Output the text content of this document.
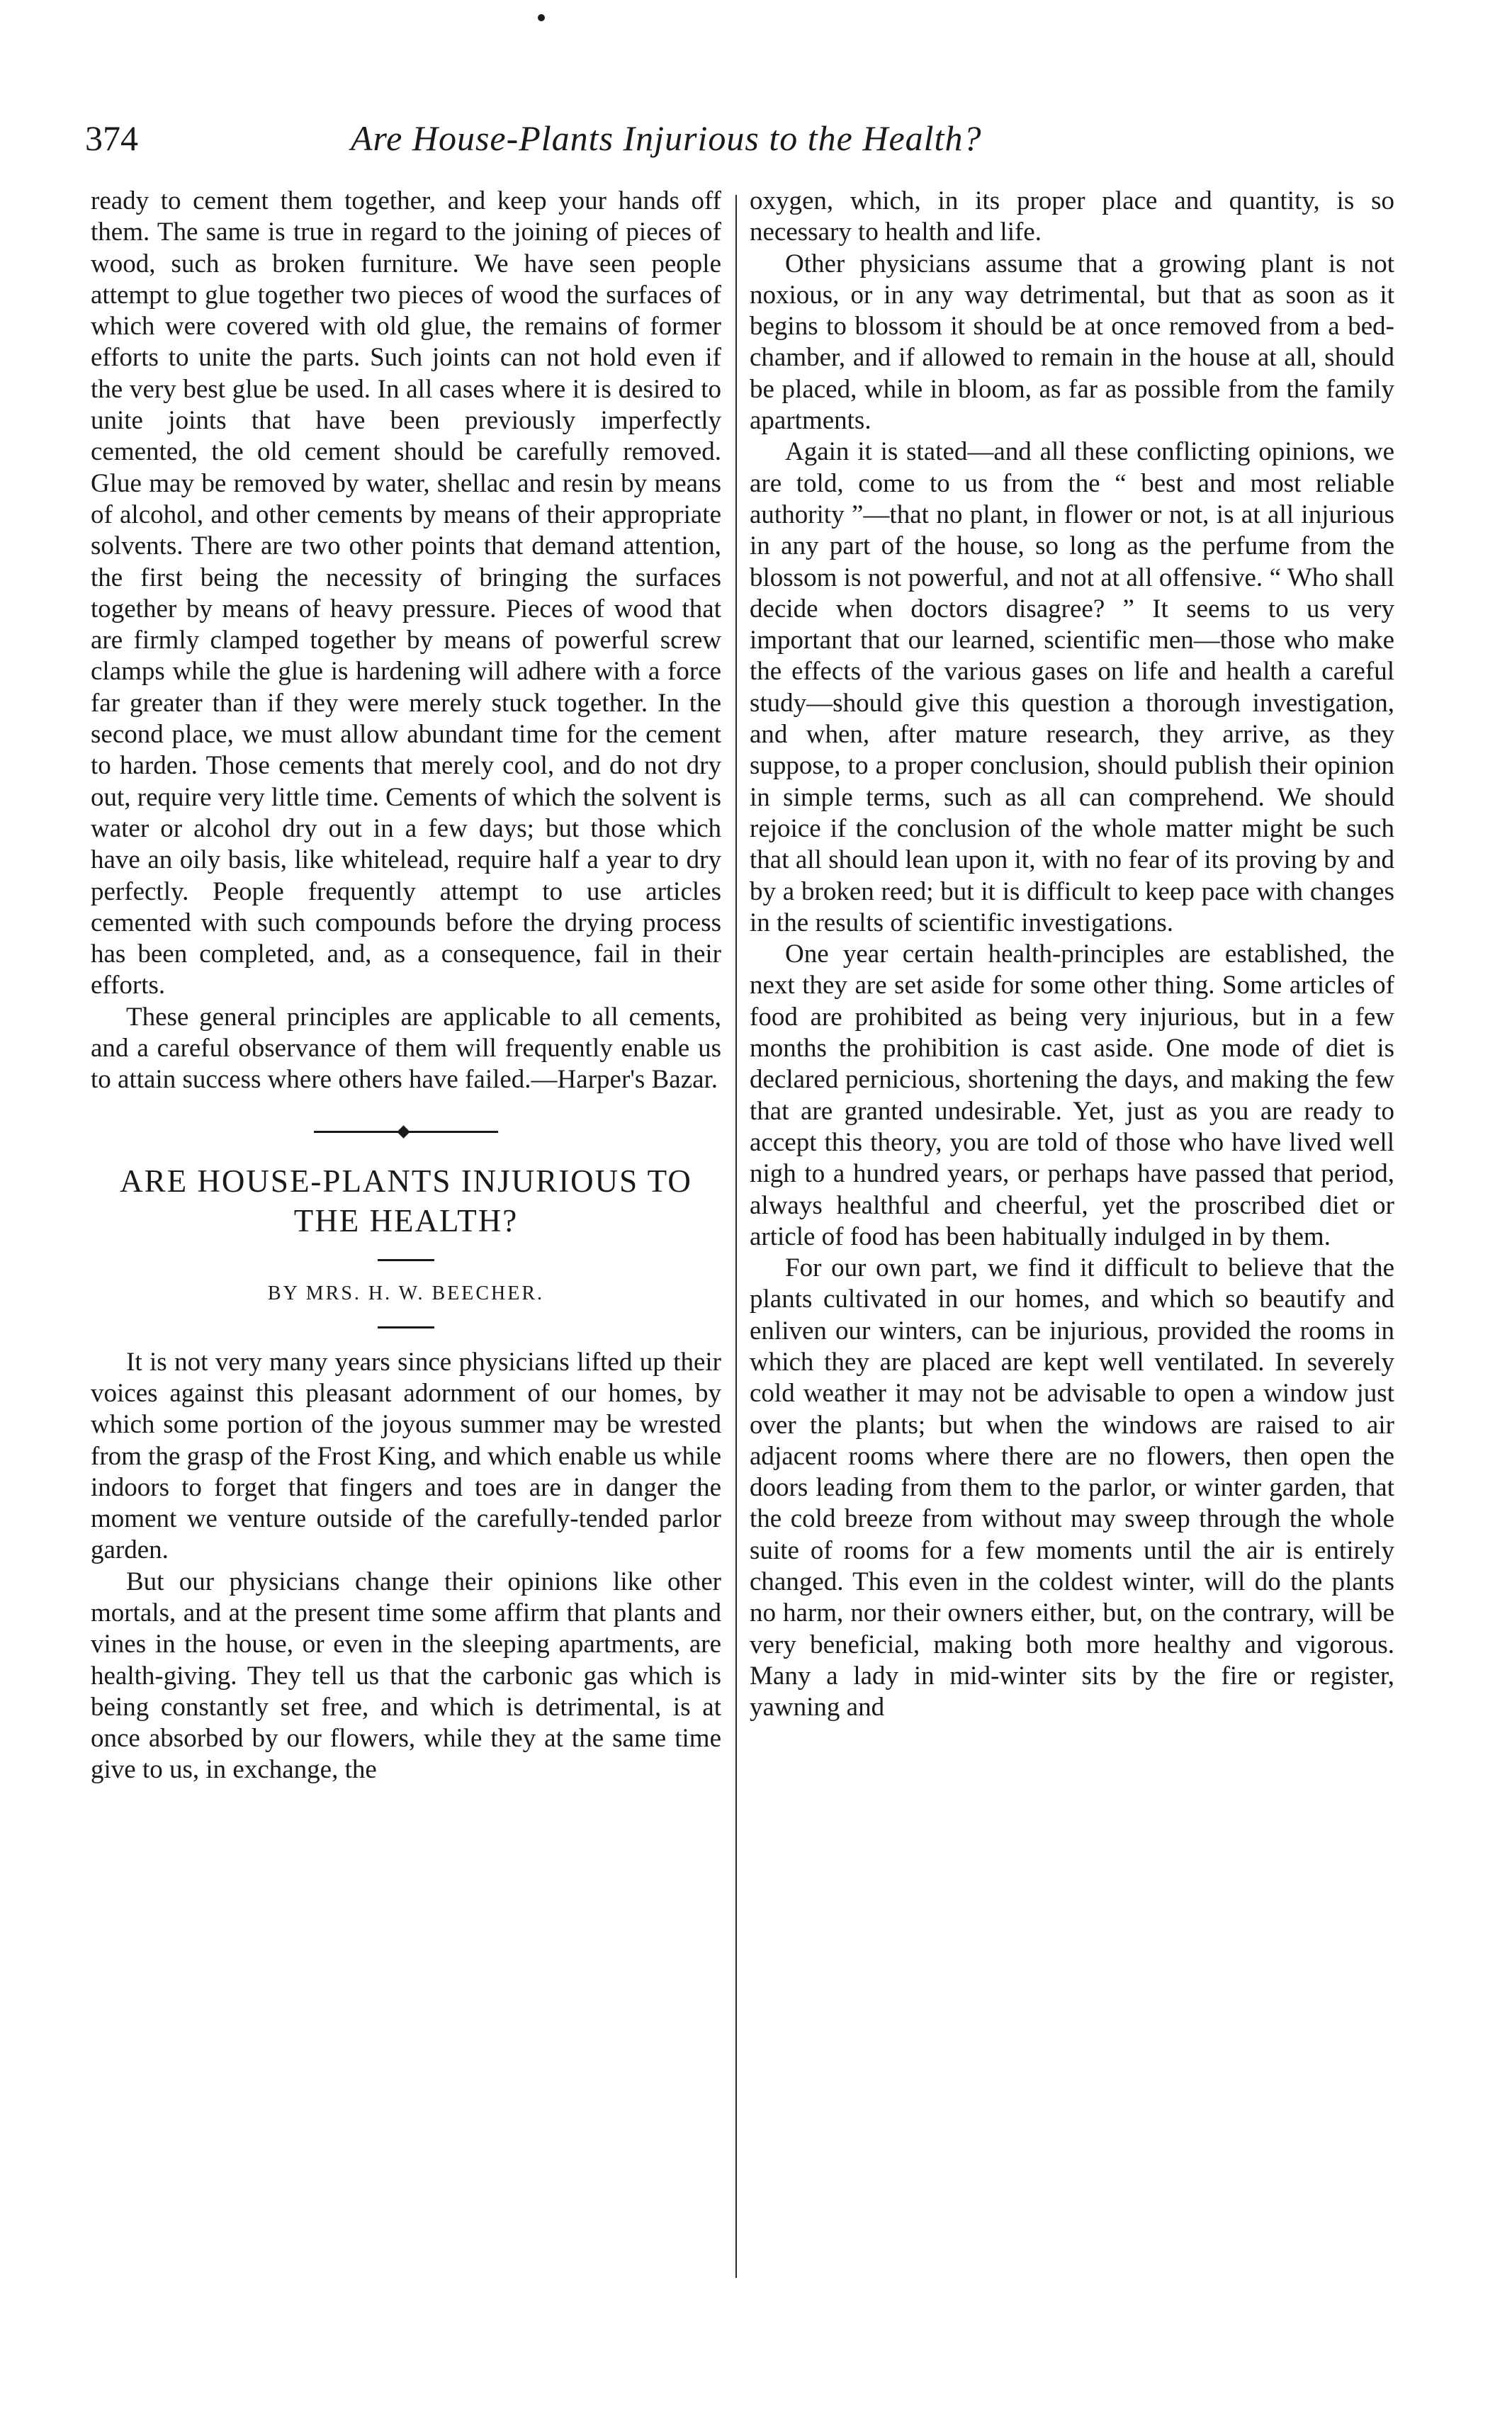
374	Are House-Plants Injurious to the Health?

ready to cement them together, and keep your hands off them. The same is true in regard to the joining of pieces of wood, such as broken furniture. We have seen people attempt to glue together two pieces of wood the surfaces of which were covered with old glue, the remains of former efforts to unite the parts. Such joints can not hold even if the very best glue be used. In all cases where it is desired to unite joints that have been previously imperfectly cemented, the old cement should be carefully removed. Glue may be removed by water, shellac and resin by means of alcohol, and other cements by means of their appropriate solvents. There are two other points that demand attention, the first being the necessity of bringing the surfaces together by means of heavy pressure. Pieces of wood that are firmly clamped together by means of powerful screw clamps while the glue is hardening will adhere with a force far greater than if they were merely stuck together. In the second place, we must allow abundant time for the cement to harden. Those cements that merely cool, and do not dry out, require very little time. Cements of which the solvent is water or alcohol dry out in a few days; but those which have an oily basis, like whitelead, require half a year to dry perfectly. People frequently attempt to use articles cemented with such compounds before the drying process has been completed, and, as a consequence, fail in their efforts.

These general principles are applicable to all cements, and a careful observance of them will frequently enable us to attain success where others have failed.—Harper's Bazar.

ARE HOUSE-PLANTS INJURIOUS TO THE HEALTH?

BY MRS. H. W. BEECHER.

It is not very many years since physicians lifted up their voices against this pleasant adornment of our homes, by which some portion of the joyous summer may be wrested from the grasp of the Frost King, and which enable us while indoors to forget that fingers and toes are in danger the moment we venture outside of the carefully-tended parlor garden.

But our physicians change their opinions like other mortals, and at the present time some affirm that plants and vines in the house, or even in the sleeping apartments, are health-giving. They tell us that the carbonic gas which is being constantly set free, and which is detrimental, is at once absorbed by our flowers, while they at the same time give to us, in exchange, the

oxygen, which, in its proper place and quantity, is so necessary to health and life.

Other physicians assume that a growing plant is not noxious, or in any way detrimental, but that as soon as it begins to blossom it should be at once removed from a bed-chamber, and if allowed to remain in the house at all, should be placed, while in bloom, as far as possible from the family apartments.

Again it is stated—and all these conflicting opinions, we are told, come to us from the “ best and most reliable authority ”—that no plant, in flower or not, is at all injurious in any part of the house, so long as the perfume from the blossom is not powerful, and not at all offensive. “ Who shall decide when doctors disagree? ” It seems to us very important that our learned, scientific men—those who make the effects of the various gases on life and health a careful study—should give this question a thorough investigation, and when, after mature research, they arrive, as they suppose, to a proper conclusion, should publish their opinion in simple terms, such as all can comprehend. We should rejoice if the conclusion of the whole matter might be such that all should lean upon it, with no fear of its proving by and by a broken reed; but it is difficult to keep pace with changes in the results of scientific investigations.

One year certain health-principles are established, the next they are set aside for some other thing. Some articles of food are prohibited as being very injurious, but in a few months the prohibition is cast aside. One mode of diet is declared pernicious, shortening the days, and making the few that are granted undesirable. Yet, just as you are ready to accept this theory, you are told of those who have lived well nigh to a hundred years, or perhaps have passed that period, always healthful and cheerful, yet the proscribed diet or article of food has been habitually indulged in by them.

For our own part, we find it difficult to believe that the plants cultivated in our homes, and which so beautify and enliven our winters, can be injurious, provided the rooms in which they are placed are kept well ventilated. In severely cold weather it may not be advisable to open a window just over the plants; but when the windows are raised to air adjacent rooms where there are no flowers, then open the doors leading from them to the parlor, or winter garden, that the cold breeze from without may sweep through the whole suite of rooms for a few moments until the air is entirely changed. This even in the coldest winter, will do the plants no harm, nor their owners either, but, on the contrary, will be very beneficial, making both more healthy and vigorous. Many a lady in mid-winter sits by the fire or register, yawning and
